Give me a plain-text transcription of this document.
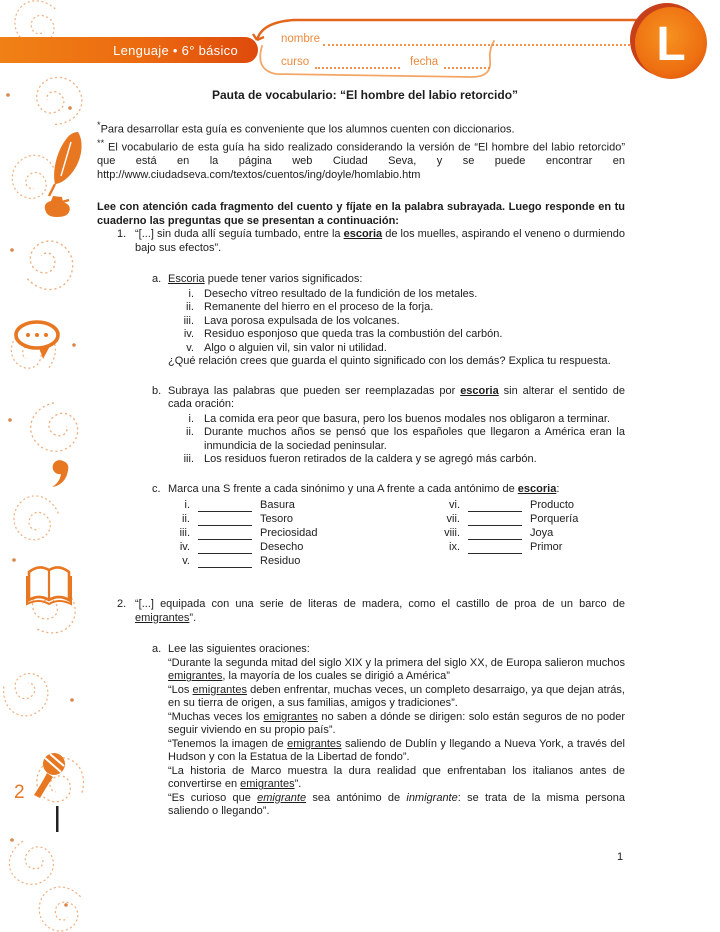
2
Lenguaje • 6° básico
nombre
curso	fecha	L
Pauta de vocabulario: “El hombre del labio retorcido”

*Para desarrollar esta guía es conveniente que los alumnos cuenten con diccionarios.

** El vocabulario de esta guía ha sido realizado considerando la versión de “El hombre del labio retorcido” que está en la página web Ciudad Seva, y se puede encontrar en http://www.ciudadseva.com/textos/cuentos/ing/doyle/homlabio.htm

Lee con atención cada fragmento del cuento y fíjate en la palabra subrayada. Luego responde en tu cuaderno las preguntas que se presentan a continuación:

1. “[...] sin duda allí seguía tumbado, entre la escoria de los muelles, aspirando el veneno o durmiendo bajo sus efectos”.

a. Escoria puede tener varios significados:

i. Desecho vítreo resultado de la fundición de los metales.
ii. Remanente del hierro en el proceso de la forja.
iii. Lava porosa expulsada de los volcanes.
iv. Residuo esponjoso que queda tras la combustión del carbón.
v. Algo o alguien vil, sin valor ni utilidad.

¿Qué relación crees que guarda el quinto significado con los demás? Explica tu respuesta.

b. Subraya las palabras que pueden ser reemplazadas por escoria sin alterar el sentido de cada oración:

i. La comida era peor que basura, pero los buenos modales nos obligaron a terminar.
ii. Durante muchos años se pensó que los españoles que llegaron a América eran la inmundicia de la sociedad peninsular.
iii. Los residuos fueron retirados de la caldera y se agregó más carbón.
c. Marca una S frente a cada sinónimo y una A frente a cada antónimo de escoria:

i.	Basura
ii.	Tesoro
iii.	Preciosidad
iv.	Desecho
v.	Residuo
vi.	Producto
vii.	Porquería
viii.	Joya
ix.	Primor
2. “[...] equipada con una serie de literas de madera, como el castillo de proa de un barco de emigrantes”.

a. Lee las siguientes oraciones:

“Durante la segunda mitad del siglo XIX y la primera del siglo XX, de Europa salieron muchos emigrantes, la mayoría de los cuales se dirigió a América”

“Los emigrantes deben enfrentar, muchas veces, un completo desarraigo, ya que dejan atrás, en su tierra de origen, a sus familias, amigos y tradiciones”.

“Muchas veces los emigrantes no saben a dónde se dirigen: solo están seguros de no poder seguir viviendo en su propio país”.

“Tenemos la imagen de emigrantes saliendo de Dublín y llegando a Nueva York, a través del Hudson y con la Estatua de la Libertad de fondo”.

“La historia de Marco muestra la dura realidad que enfrentaban los italianos antes de convertirse en emigrantes”.

“Es curioso que emigrante sea antónimo de inmigrante: se trata de la misma persona saliendo o llegando”.

1
